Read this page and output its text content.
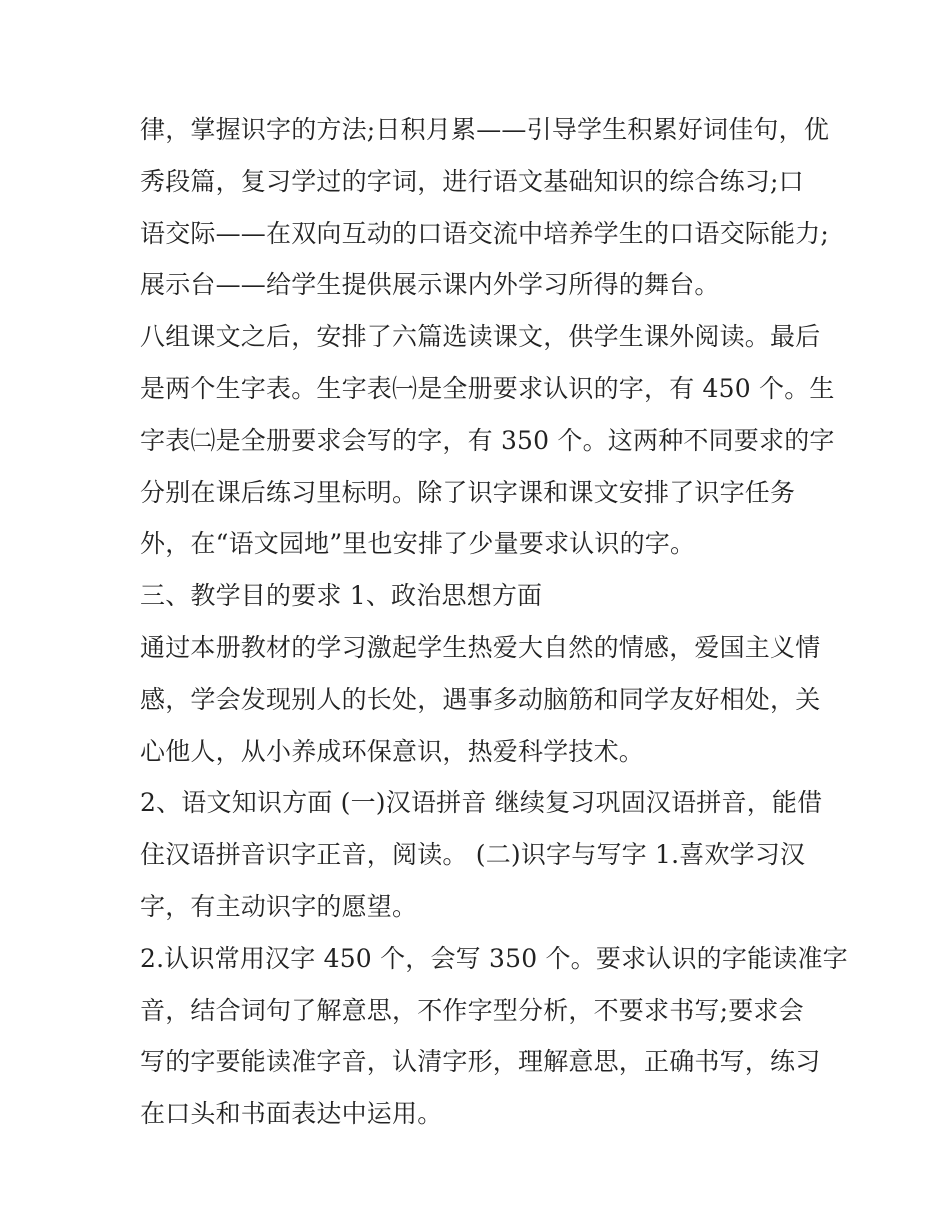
律，掌握识字的方法;日积月累——引导学生积累好词佳句，优
秀段篇，复习学过的字词，进行语文基础知识的综合练习;口
语交际——在双向互动的口语交流中培养学生的口语交际能力;
展示台——给学生提供展示课内外学习所得的舞台。
八组课文之后，安排了六篇选读课文，供学生课外阅读。最后
是两个生字表。生字表㈠是全册要求认识的字，有 450 个。生
字表㈡是全册要求会写的字，有 350 个。这两种不同要求的字
分别在课后练习里标明。除了识字课和课文安排了识字任务
外，在“语文园地”里也安排了少量要求认识的字。
三、教学目的要求 1、政治思想方面
通过本册教材的学习激起学生热爱大自然的情感，爱国主义情
感，学会发现别人的长处，遇事多动脑筋和同学友好相处，关
心他人，从小养成环保意识，热爱科学技术。
2、语文知识方面 (一)汉语拼音 继续复习巩固汉语拼音，能借
住汉语拼音识字正音，阅读。 (二)识字与写字 1.喜欢学习汉
字，有主动识字的愿望。
2.认识常用汉字 450 个，会写 350 个。要求认识的字能读准字
音，结合词句了解意思，不作字型分析，不要求书写;要求会
写的字要能读准字音，认清字形，理解意思，正确书写，练习
在口头和书面表达中运用。
